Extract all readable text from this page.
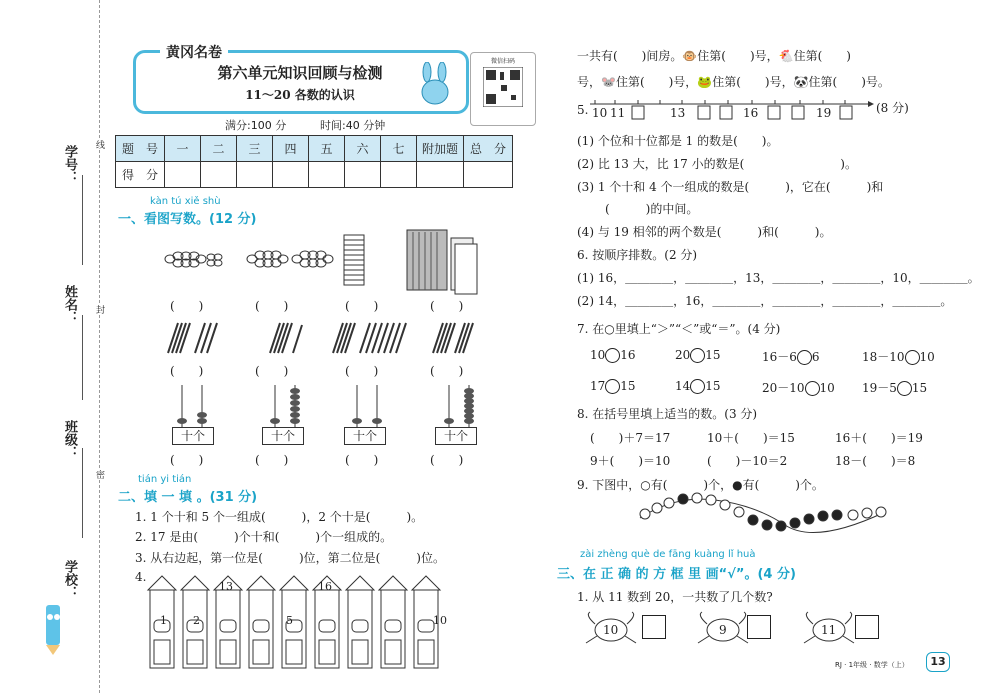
学号：
姓名：
班级：
学校：
线
封
密
黄冈名卷
第六单元知识回顾与检测
11～20 各数的认识
微信扫码
满分:100 分	时间:40 分钟
题　号	一	二	三	四	五	六	七	附加题	总　分
得　分									
kàn tú xiě shù
一、看图写数。(12 分)
(　　)	(　　)	(　　)	(　　)
(　　)	(　　)	(　　)	(　　)
十个	十个	十个	十个
(　　)	(　　)	(　　)	(　　)
tián yi tián
二、填 一 填 。(31 分)
1. 1 个十和 5 个一组成(　　　)，2 个十是(　　　)。
2. 17 是由(　　　)个十和(　　　)个一组成的。
3. 从右边起，第一位是(　　　)位，第二位是(　　　)位。
4.
13	16
1 2	5	10
一共有(　　)间房。🐵住第(　　)号，🐔住第(　　)
号，🐭住第(　　)号，🐸住第(　　)号，🐼住第(　　)号。
5. 10 11	13	16	19	(8 分)
(1) 个位和十位都是 1 的数是(　　)。
(2) 比 13 大，比 17 小的数是(　　　　　　　　)。
(3) 1 个十和 4 个一组成的数是(　　　)，它在(　　　)和
(　　　)的中间。
(4) 与 19 相邻的两个数是(　　　)和(　　　)。
6. 按顺序排数。(2 分)
(1) 16，＿＿＿＿，＿＿＿＿，13，＿＿＿＿，＿＿＿＿，10，＿＿＿＿。
(2) 14，＿＿＿＿，16，＿＿＿＿，＿＿＿＿，＿＿＿＿，＿＿＿＿。
7. 在○里填上“＞”“＜”或“＝”。(4 分)
10 16	20 15	16－6 6	18－10 10
17 15	14 15	20－10 10 19－5 15
8. 在括号里填上适当的数。(3 分)
(　　)＋7＝17	10＋(　　)＝15	16＋(　　)＝19
9＋(　　)＝10	(　　)－10＝2	18－(　　)＝8
9. 下图中，○有(　　　)个，●有(　　　)个。
zài zhèng què de fāng kuàng lǐ huà
三、在 正 确 的 方 框 里 画“√”。(4 分)
1. 从 11 数到 20，一共数了几个数?
10	9	11
RJ · 1年级 · 数学（上）	13
